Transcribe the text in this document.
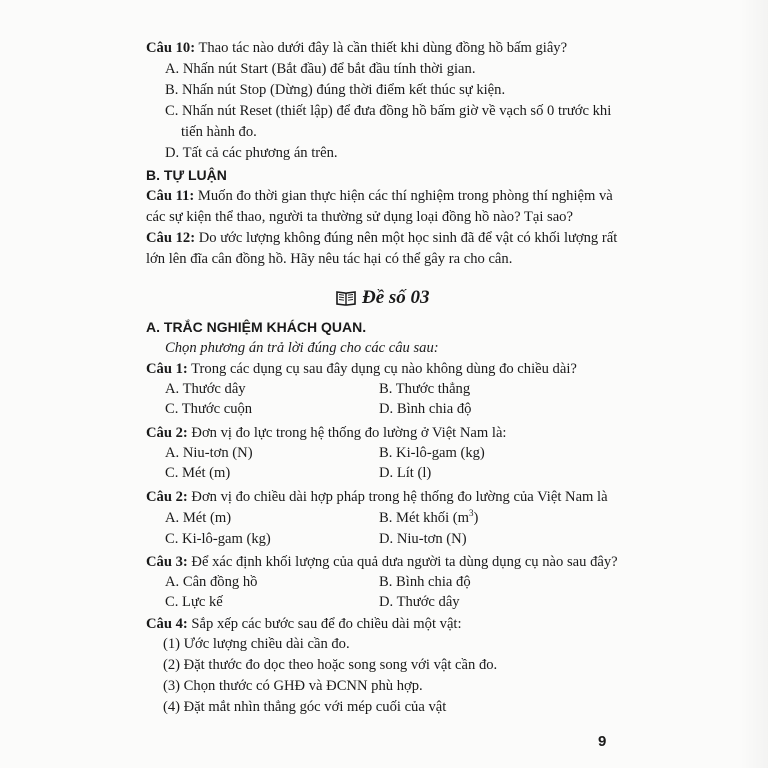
Câu 10: Thao tác nào dưới đây là cần thiết khi dùng đồng hồ bấm giây?
A. Nhấn nút Start (Bắt đầu) để bắt đầu tính thời gian.
B. Nhấn nút Stop (Dừng) đúng thời điểm kết thúc sự kiện.
C. Nhấn nút Reset (thiết lập) để đưa đồng hồ bấm giờ về vạch số 0 trước khi
tiến hành đo.
D. Tất cả các phương án trên.
B. TỰ LUẬN
Câu 11: Muốn đo thời gian thực hiện các thí nghiệm trong phòng thí nghiệm và
các sự kiện thể thao, người ta thường sử dụng loại đồng hồ nào? Tại sao?
Câu 12: Do ước lượng không đúng nên một học sinh đã để vật có khối lượng rất
lớn lên đĩa cân đồng hồ. Hãy nêu tác hại có thể gây ra cho cân.
Đề số 03
A. TRẮC NGHIỆM KHÁCH QUAN.
Chọn phương án trả lời đúng cho các câu sau:
Câu 1: Trong các dụng cụ sau đây dụng cụ nào không dùng đo chiều dài?
A. Thước dây	B. Thước thẳng
C. Thước cuộn	D. Bình chia độ
Câu 2: Đơn vị đo lực trong hệ thống đo lường ở Việt Nam là:
A. Niu-tơn (N)	B. Ki-lô-gam (kg)
C. Mét (m)	D. Lít (l)
Câu 2: Đơn vị đo chiều dài hợp pháp trong hệ thống đo lường của Việt Nam là
A. Mét (m)	B. Mét khối $(m^3)$
C. Ki-lô-gam (kg)	D. Niu-tơn (N)
Câu 3: Để xác định khối lượng của quả dưa người ta dùng dụng cụ nào sau đây?
A. Cân đồng hồ	B. Bình chia độ
C. Lực kế	D. Thước dây
Câu 4: Sắp xếp các bước sau để đo chiều dài một vật:
(1) Ước lượng chiều dài cần đo.
(2) Đặt thước đo dọc theo hoặc song song với vật cần đo.
(3) Chọn thước có GHĐ và ĐCNN phù hợp.
(4) Đặt mắt nhìn thẳng góc với mép cuối của vật
9
